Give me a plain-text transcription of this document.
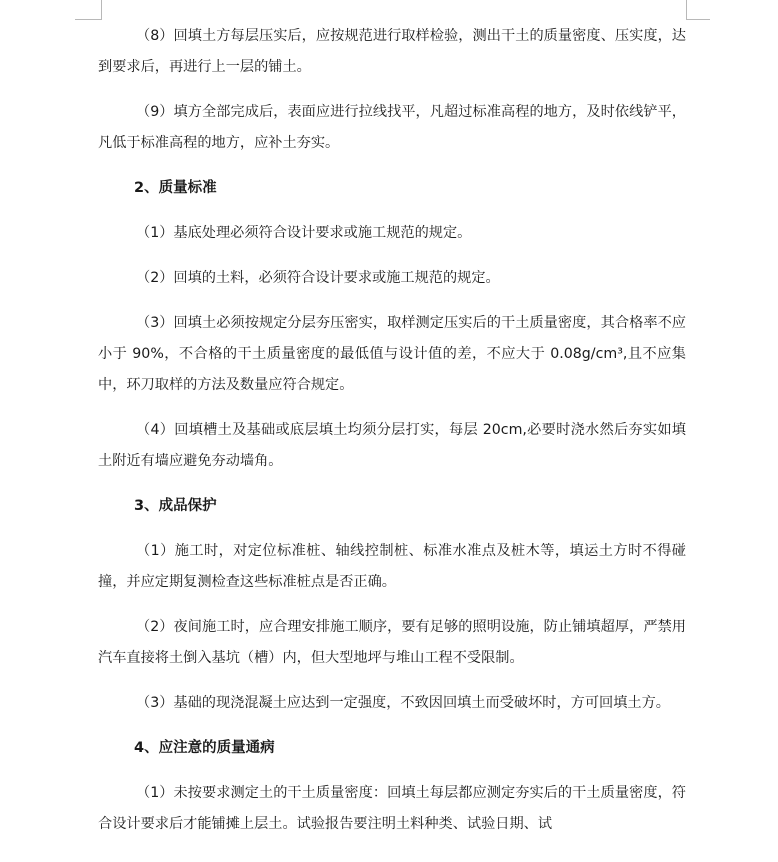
（8）回填土方每层压实后，应按规范进行取样检验，测出干土的质量密度、压实度，达到要求后，再进行上一层的铺土。

（9）填方全部完成后，表面应进行拉线找平，凡超过标准高程的地方，及时依线铲平，凡低于标准高程的地方，应补土夯实。

2、质量标准

（1）基底处理必须符合设计要求或施工规范的规定。

（2）回填的土料，必须符合设计要求或施工规范的规定。

（3）回填土必须按规定分层夯压密实，取样测定压实后的干土质量密度，其合格率不应小于 90%，不合格的干土质量密度的最低值与设计值的差，不应大于 0.08g/cm³,且不应集中，环刀取样的方法及数量应符合规定。

（4）回填槽土及基础或底层填土均须分层打实，每层 20cm,必要时浇水然后夯实如填土附近有墙应避免夯动墙角。

3、成品保护

（1）施工时，对定位标准桩、轴线控制桩、标准水准点及桩木等，填运土方时不得碰撞，并应定期复测检查这些标准桩点是否正确。

（2）夜间施工时，应合理安排施工顺序，要有足够的照明设施，防止铺填超厚，严禁用汽车直接将土倒入基坑（槽）内，但大型地坪与堆山工程不受限制。

（3）基础的现浇混凝土应达到一定强度，不致因回填土而受破坏时，方可回填土方。

4、应注意的质量通病

（1）未按要求测定土的干土质量密度：回填土每层都应测定夯实后的干土质量密度，符合设计要求后才能铺摊上层土。试验报告要注明土料种类、试验日期、试
